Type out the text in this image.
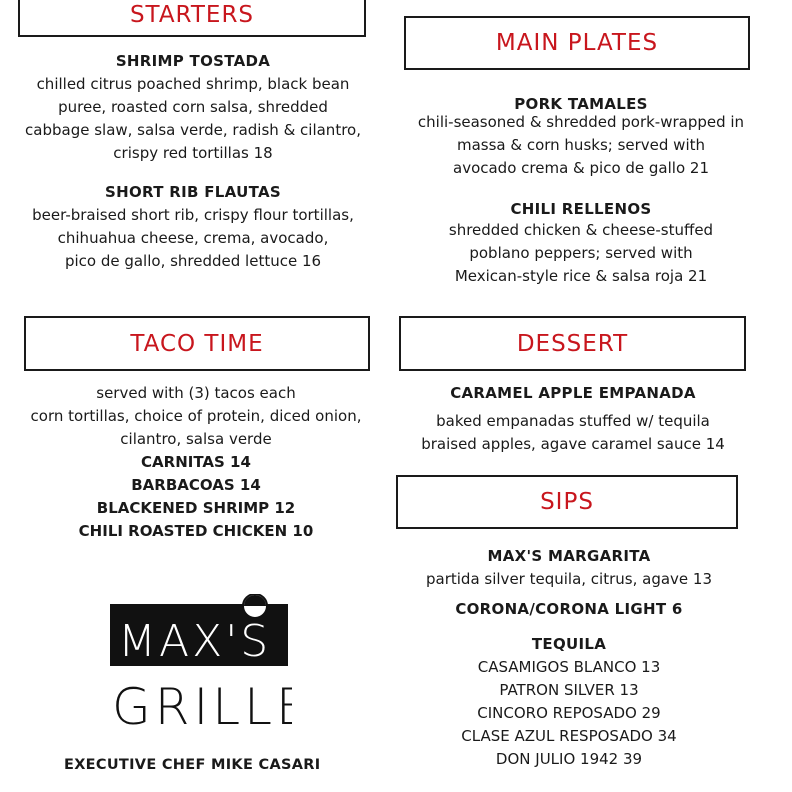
STARTERS
SHRIMP TOSTADA
chilled citrus poached shrimp, black bean
puree, roasted corn salsa, shredded
cabbage slaw, salsa verde, radish & cilantro,
crispy red tortillas 18
SHORT RIB FLAUTAS
beer-braised short rib, crispy flour tortillas,
chihuahua cheese, crema, avocado,
pico de gallo, shredded lettuce 16
TACO TIME
served with (3) tacos each
corn tortillas, choice of protein, diced onion,
cilantro, salsa verde
CARNITAS 14
BARBACOAS 14
BLACKENED SHRIMP 12
CHILI ROASTED CHICKEN 10
MAX'S
GRILLE
EXECUTIVE CHEF MIKE CASARI
MAIN PLATES
PORK TAMALES
chili-seasoned & shredded pork-wrapped in
massa & corn husks; served with
avocado crema & pico de gallo 21
CHILI RELLENOS
shredded chicken & cheese-stuffed
poblano peppers; served with
Mexican-style rice & salsa roja 21
DESSERT
CARAMEL APPLE EMPANADA
baked empanadas stuffed w/ tequila
braised apples, agave caramel sauce 14
SIPS
MAX'S MARGARITA
partida silver tequila, citrus, agave 13
CORONA/CORONA LIGHT 6
TEQUILA
CASAMIGOS BLANCO 13
PATRON SILVER 13
CINCORO REPOSADO 29
CLASE AZUL RESPOSADO 34
DON JULIO 1942 39
